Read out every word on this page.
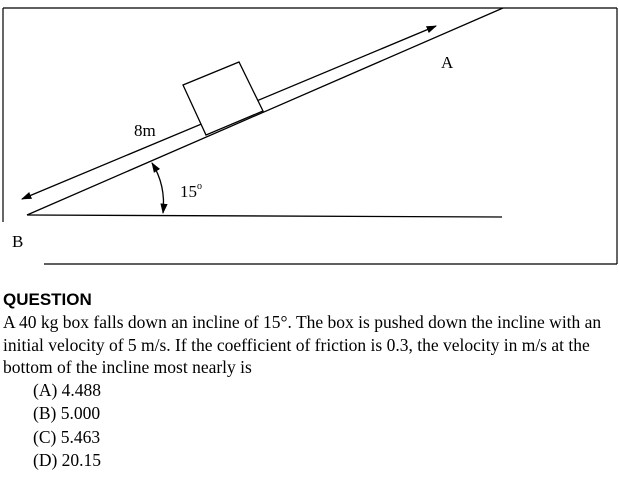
A
B
8m
15$^o$
QUESTION

A 40 kg box falls down an incline of 15°. The box is pushed down the incline with an initial velocity of 5 m/s. If the coefficient of friction is 0.3, the velocity in m/s at the bottom of the incline most nearly is

(A) 4.488
(B) 5.000
(C) 5.463
(D) 20.15
